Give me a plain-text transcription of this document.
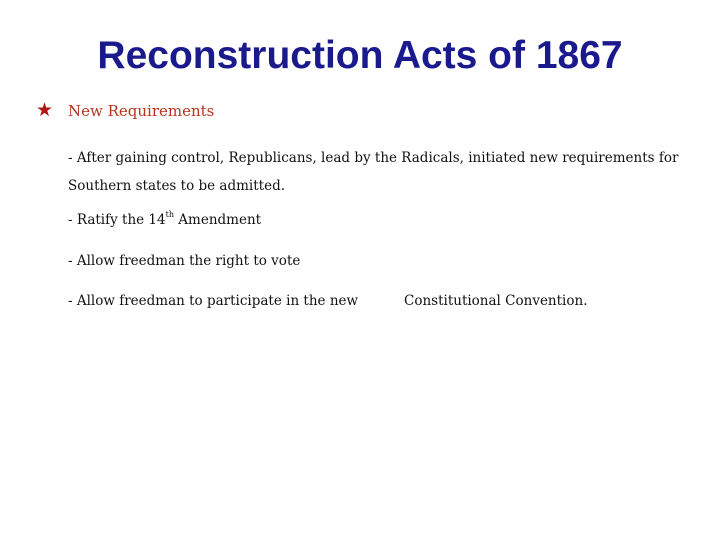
Reconstruction Acts of 1867
★ New Requirements
- After gaining control, Republicans, lead by the Radicals, initiated new requirements for Southern states to be admitted.
- Ratify the 14th Amendment
- Allow freedman the right to vote
- Allow freedman to participate in the new	Constitutional Convention.
